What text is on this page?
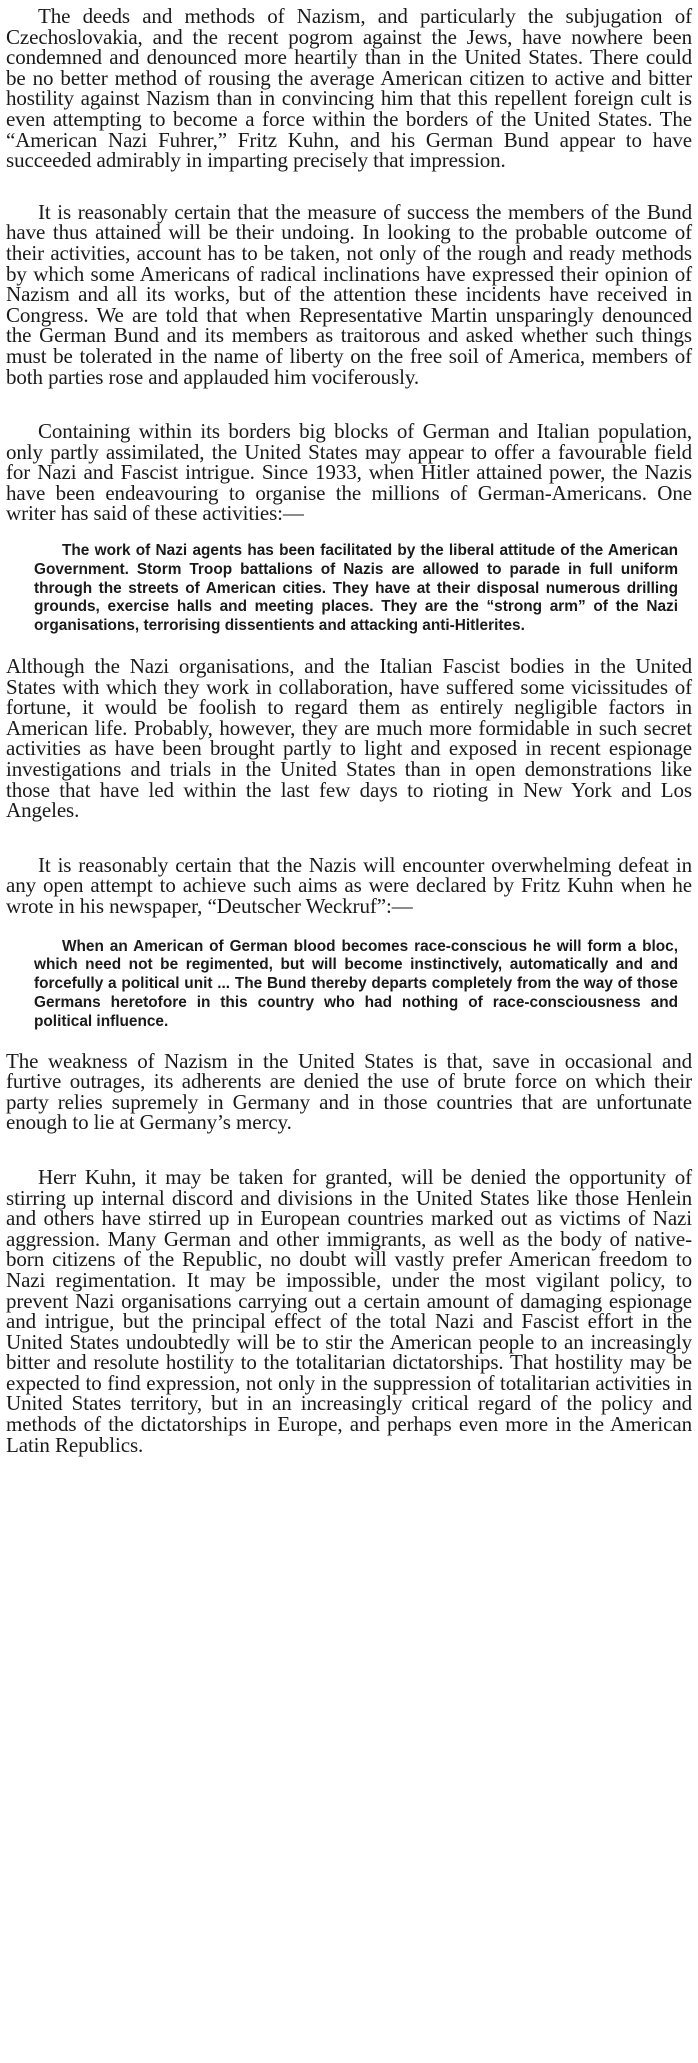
The deeds and methods of Nazism, and particularly the subjugation of Czechoslovakia, and the recent pogrom against the Jews, have nowhere been condemned and denounced more heartily than in the United States. There could be no better method of rousing the average American citizen to active and bitter hostility against Nazism than in convincing him that this repellent foreign cult is even attempting to become a force within the borders of the United States. The “American Nazi Fuhrer,” Fritz Kuhn, and his German Bund appear to have succeeded admirably in imparting precisely that impression.

It is reasonably certain that the measure of success the members of the Bund have thus attained will be their undoing. In looking to the probable outcome of their activities, account has to be taken, not only of the rough and ready methods by which some Americans of radical inclinations have expressed their opinion of Nazism and all its works, but of the attention these incidents have received in Congress. We are told that when Representative Martin unsparingly denounced the German Bund and its members as traitorous and asked whether such things must be tolerated in the name of liberty on the free soil of America, members of both parties rose and applauded him vociferously.

Containing within its borders big blocks of German and Italian population, only partly assimilated, the United States may appear to offer a favourable field for Nazi and Fascist intrigue. Since 1933, when Hitler attained power, the Nazis have been endeavouring to organise the millions of German-Americans. One writer has said of these activities:—

The work of Nazi agents has been facilitated by the liberal attitude of the American Government. Storm Troop battalions of Nazis are allowed to parade in full uniform through the streets of American cities. They have at their disposal numerous drilling grounds, exercise halls and meeting places. They are the “strong arm” of the Nazi organisations, terrorising dissentients and attacking anti-Hitlerites.

Although the Nazi organisations, and the Italian Fascist bodies in the United States with which they work in collaboration, have suffered some vicissitudes of fortune, it would be foolish to regard them as entirely negligible factors in American life. Probably, however, they are much more formidable in such secret activities as have been brought partly to light and exposed in recent espionage investigations and trials in the United States than in open demonstrations like those that have led within the last few days to rioting in New York and Los Angeles.

It is reasonably certain that the Nazis will encounter overwhelming defeat in any open attempt to achieve such aims as were declared by Fritz Kuhn when he wrote in his newspaper, “Deutscher Weckruf”:—

When an American of German blood becomes race-conscious he will form a bloc, which need not be regimented, but will become instinctively, automatically and and forcefully a political unit ... The Bund thereby departs completely from the way of those Germans heretofore in this country who had nothing of race-consciousness and political influence.

The weakness of Nazism in the United States is that, save in occasional and furtive outrages, its adherents are denied the use of brute force on which their party relies supremely in Germany and in those countries that are unfortunate enough to lie at Germany’s mercy.

Herr Kuhn, it may be taken for granted, will be denied the opportunity of stirring up internal discord and divisions in the United States like those Henlein and others have stirred up in European countries marked out as victims of Nazi aggression. Many German and other immigrants, as well as the body of native-born citizens of the Republic, no doubt will vastly prefer American freedom to Nazi regimentation. It may be impossible, under the most vigilant policy, to prevent Nazi organisations carrying out a certain amount of damaging espionage and intrigue, but the principal effect of the total Nazi and Fascist effort in the United States undoubtedly will be to stir the American people to an increasingly bitter and resolute hostility to the totalitarian dictatorships. That hostility may be expected to find expression, not only in the suppression of totalitarian activities in United States territory, but in an increasingly critical regard of the policy and methods of the dictatorships in Europe, and perhaps even more in the American Latin Republics.
